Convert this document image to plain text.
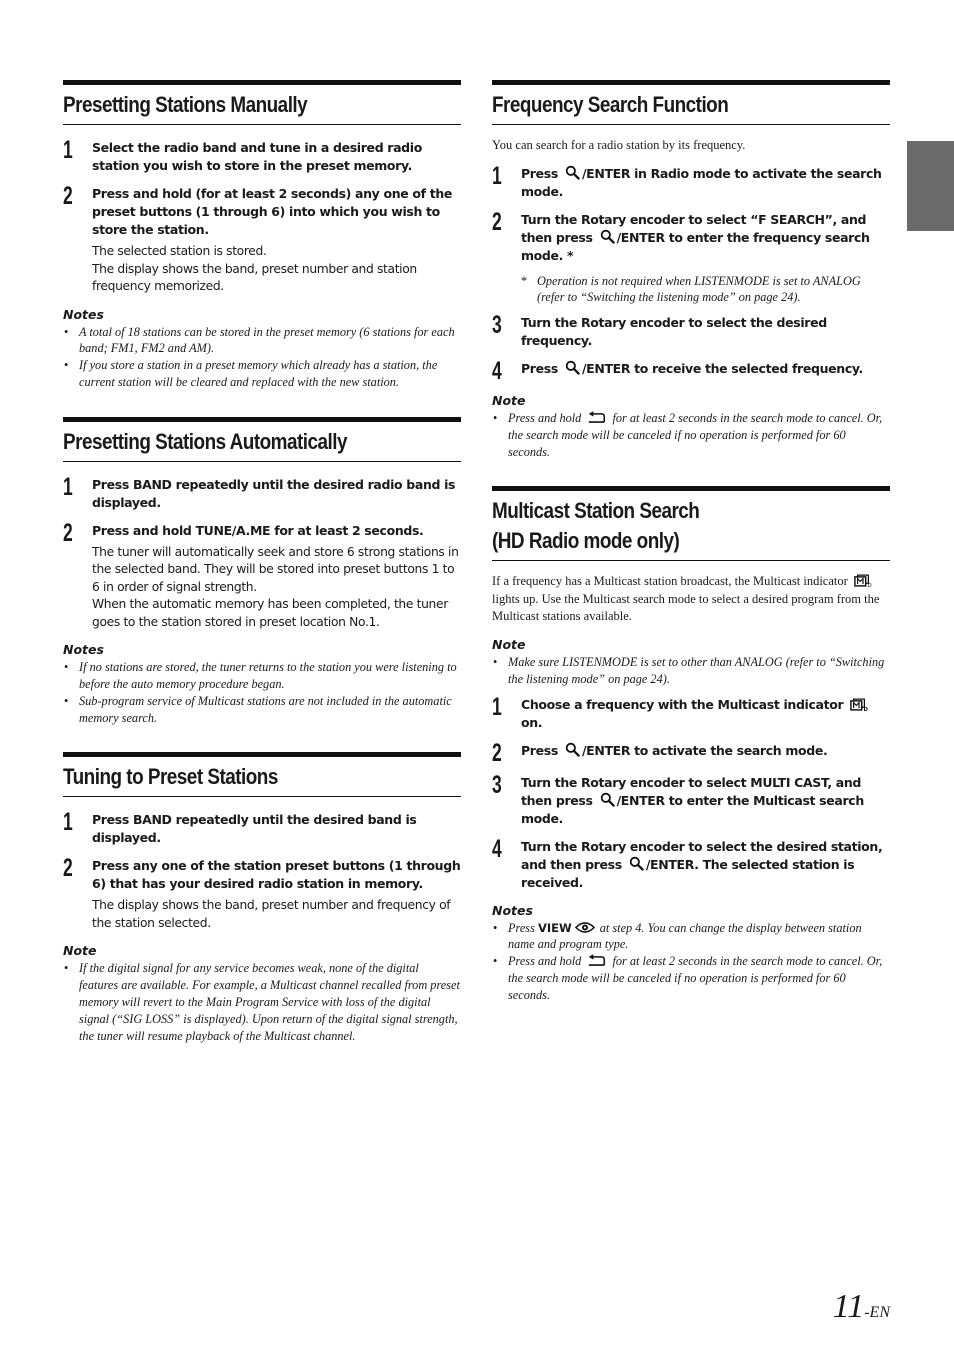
Presetting Stations Manually
1	Select the radio band and tune in a desired radio station you wish to store in the preset memory.
2	Press and hold (for at least 2 seconds) any one of the preset buttons (1 through 6) into which you wish to store the station.
The selected station is stored.
The display shows the band, preset number and station frequency memorized.
Notes
• A total of 18 stations can be stored in the preset memory (6 stations for each band; FM1, FM2 and AM).
• If you store a station in a preset memory which already has a station, the current station will be cleared and replaced with the new station.
Presetting Stations Automatically
1	Press BAND repeatedly until the desired radio band is displayed.
2	Press and hold TUNE/A.ME for at least 2 seconds.
The tuner will automatically seek and store 6 strong stations in the selected band. They will be stored into preset buttons 1 to 6 in order of signal strength.
When the automatic memory has been completed, the tuner goes to the station stored in preset location No.1.
Notes
• If no stations are stored, the tuner returns to the station you were listening to before the auto memory procedure began.
• Sub-program service of Multicast stations are not included in the automatic memory search.
Tuning to Preset Stations
1	Press BAND repeatedly until the desired band is displayed.
2	Press any one of the station preset buttons (1 through 6) that has your desired radio station in memory.
The display shows the band, preset number and frequency of the station selected.
Note
• If the digital signal for any service becomes weak, none of the digital features are available. For example, a Multicast channel recalled from preset memory will revert to the Main Program Service with loss of the digital signal (“SIG LOSS” is displayed). Upon return of the digital signal strength, the tuner will resume playback of the Multicast channel.
Frequency Search Function
You can search for a radio station by its frequency.
1	Press /ENTER in Radio mode to activate the search mode.
2	Turn the Rotary encoder to select “F SEARCH”, and then press /ENTER to enter the frequency search mode. *
* Operation is not required when LISTENMODE is set to ANALOG (refer to “Switching the listening mode” on page 24).
3	Turn the Rotary encoder to select the desired frequency.
4	Press /ENTER to receive the selected frequency.
Note
• Press and hold  for at least 2 seconds in the search mode to cancel. Or, the search mode will be canceled if no operation is performed for 60 seconds.
Multicast Station Search
(HD Radio mode only)
If a frequency has a Multicast station broadcast, the Multicast indicator  lights up. Use the Multicast search mode to select a desired program from the Multicast stations available.
Note
• Make sure LISTENMODE is set to other than ANALOG (refer to “Switching the listening mode” on page 24).
1	Choose a frequency with the Multicast indicator  on.
2	Press /ENTER to activate the search mode.
3	Turn the Rotary encoder to select MULTI CAST, and then press /ENTER to enter the Multicast search mode.
4	Turn the Rotary encoder to select the desired station, and then press /ENTER. The selected station is received.
Notes
• Press VIEW at step 4. You can change the display between station name and program type.
• Press and hold  for at least 2 seconds in the search mode to cancel. Or, the search mode will be canceled if no operation is performed for 60 seconds.
11-EN
